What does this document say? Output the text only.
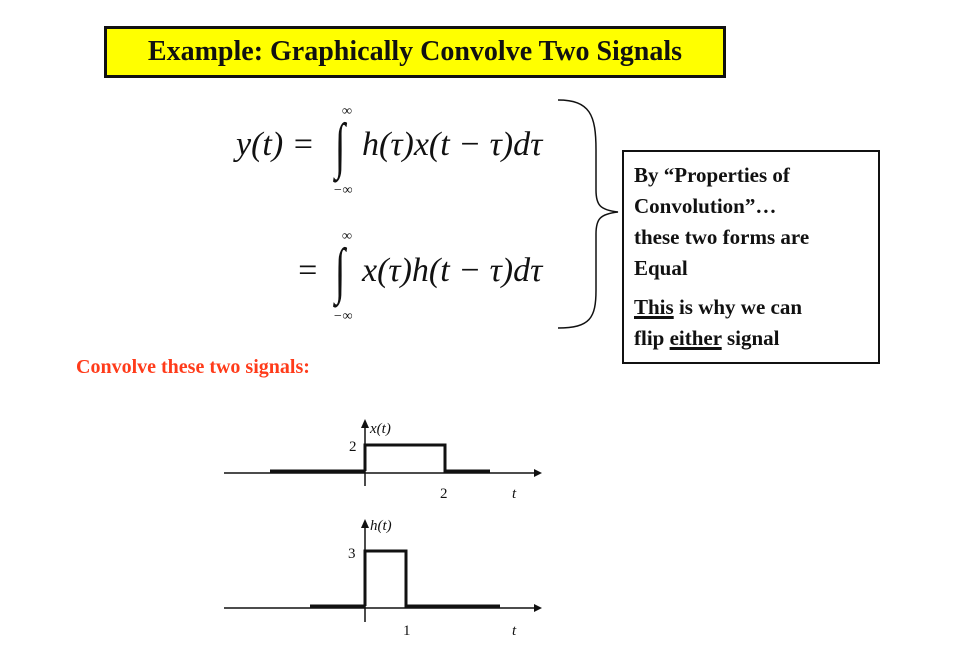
Example: Graphically Convolve Two Signals
y(t) = ∫
∞
−∞
h(τ)x(t − τ)dτ
= ∫
∞
−∞
x(τ)h(t − τ)dτ
x(t)
2
2	t
h(t)
3
1	t

By “Properties of

Convolution”…

these two forms are

Equal

This is why we can

flip either signal

Convolve these two signals:
